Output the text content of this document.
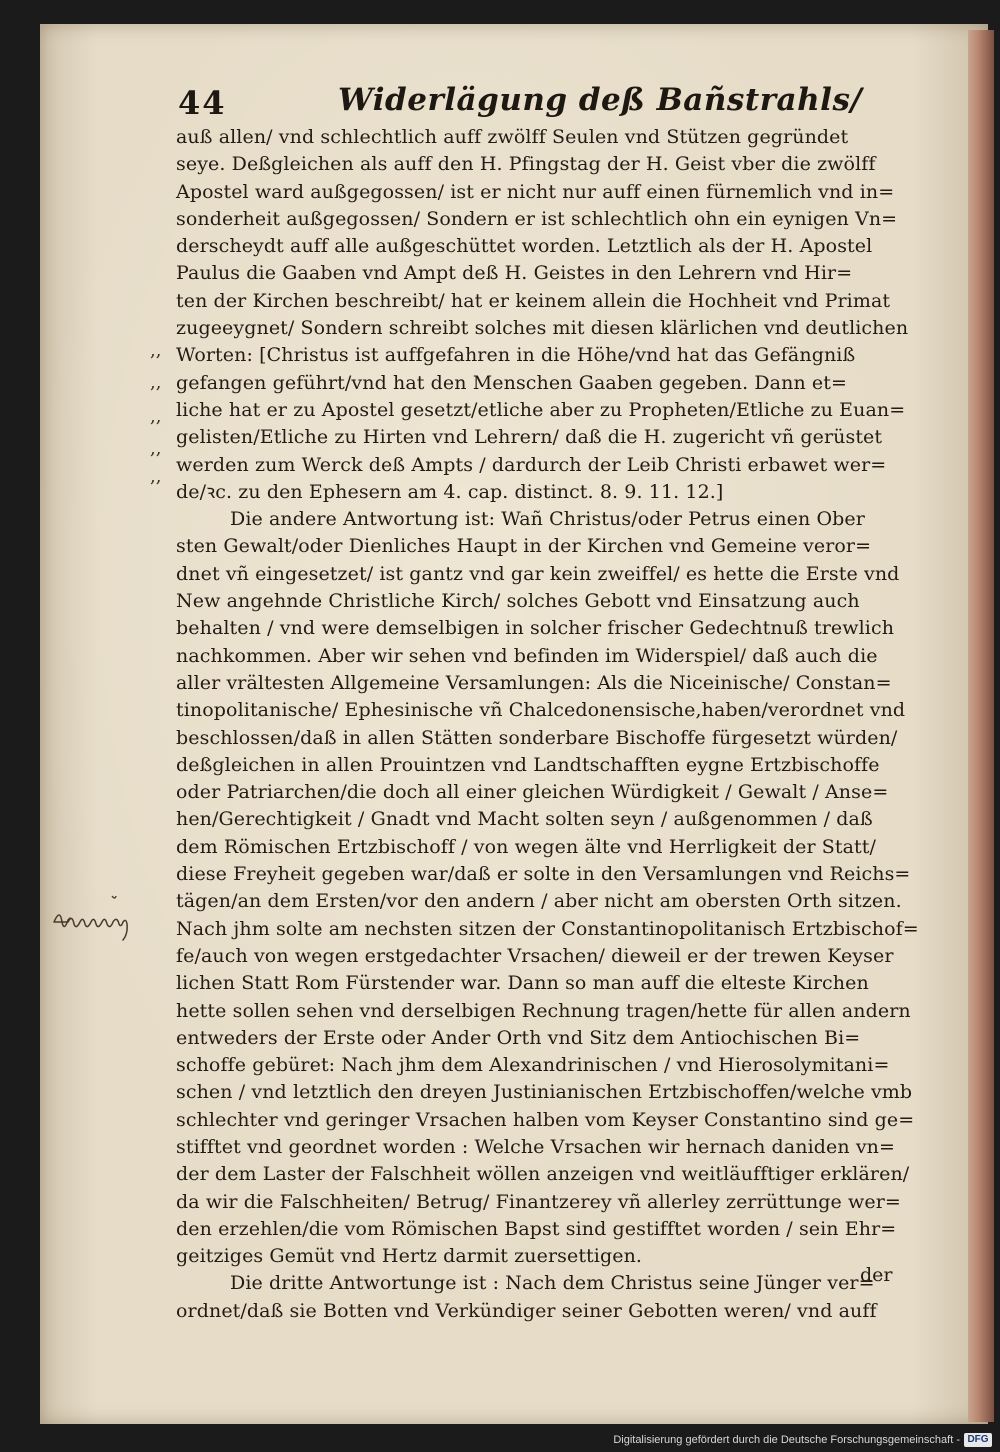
44	Widerlägung deß Bañstrahls/
,,
,,
,,
,,
,,
auß allen/ vnd schlechtlich auff zwölff Seulen vnd Stützen gegründet
seye. Deßgleichen als auff den H. Pfingstag der H. Geist vber die zwölff
Apostel ward außgegossen/ ist er nicht nur auff einen fürnemlich vnd in=
sonderheit außgegossen/ Sondern er ist schlechtlich ohn ein eynigen Vn=
derscheydt auff alle außgeschüttet worden. Letztlich als der H. Apostel
Paulus die Gaaben vnd Ampt deß H. Geistes in den Lehrern vnd Hir=
ten der Kirchen beschreibt/ hat er keinem allein die Hochheit vnd Primat
zugeeygnet/ Sondern schreibt solches mit diesen klärlichen vnd deutlichen
Worten: [Christus ist auffgefahren in die Höhe/vnd hat das Gefängniß
gefangen geführt/vnd hat den Menschen Gaaben gegeben. Dann et=
liche hat er zu Apostel gesetzt/etliche aber zu Propheten/Etliche zu Euan=
gelisten/Etliche zu Hirten vnd Lehrern/ daß die H. zugericht vñ gerüstet
werden zum Werck deß Ampts / dardurch der Leib Christi erbawet wer=
de/ꝛc. zu den Ephesern am 4. cap. distinct. 8. 9. 11. 12.]
Die andere Antwortung ist: Wañ Christus/oder Petrus einen Ober
sten Gewalt/oder Dienliches Haupt in der Kirchen vnd Gemeine veror=
dnet vñ eingesetzet/ ist gantz vnd gar kein zweiffel/ es hette die Erste vnd
New angehnde Christliche Kirch/ solches Gebott vnd Einsatzung auch
behalten / vnd were demselbigen in solcher frischer Gedechtnuß trewlich
nachkommen. Aber wir sehen vnd befinden im Widerspiel/ daß auch die
aller vrältesten Allgemeine Versamlungen: Als die Niceinische/ Constan=
tinopolitanische/ Ephesinische vñ Chalcedonensische,haben/verordnet vnd
beschlossen/daß in allen Stätten sonderbare Bischoffe fürgesetzt würden/
deßgleichen in allen Prouintzen vnd Landtschafften eygne Ertzbischoffe
oder Patriarchen/die doch all einer gleichen Würdigkeit / Gewalt / Anse=
hen/Gerechtigkeit / Gnadt vnd Macht solten seyn / außgenommen / daß
dem Römischen Ertzbischoff / von wegen älte vnd Herrligkeit der Statt/
diese Freyheit gegeben war/daß er solte in den Versamlungen vnd Reichs=
tägen/an dem Ersten/vor den andern / aber nicht am obersten Orth sitzen.
Nach jhm solte am nechsten sitzen der Constantinopolitanisch Ertzbischof=
fe/auch von wegen erstgedachter Vrsachen/ dieweil er der trewen Keyser
lichen Statt Rom Fürstender war. Dann so man auff die elteste Kirchen
hette sollen sehen vnd derselbigen Rechnung tragen/hette für allen andern
entweders der Erste oder Ander Orth vnd Sitz dem Antiochischen Bi=
schoffe gebüret: Nach jhm dem Alexandrinischen / vnd Hierosolymitani=
schen / vnd letztlich den dreyen Justinianischen Ertzbischoffen/welche vmb
schlechter vnd geringer Vrsachen halben vom Keyser Constantino sind ge=
stifftet vnd geordnet worden : Welche Vrsachen wir hernach daniden vn=
der dem Laster der Falschheit wöllen anzeigen vnd weitläufftiger erklären/
da wir die Falschheiten/ Betrug/ Finantzerey vñ allerley zerrüttunge wer=
den erzehlen/die vom Römischen Bapst sind gestifftet worden / sein Ehr=
geitziges Gemüt vnd Hertz darmit zuersettigen.
Die dritte Antwortunge ist : Nach dem Christus seine Jünger ver=
ordnet/daß sie Botten vnd Verkündiger seiner Gebotten weren/ vnd auff
der
Digitalisierung gefördert durch die Deutsche Forschungsgemeinschaft - DFG
